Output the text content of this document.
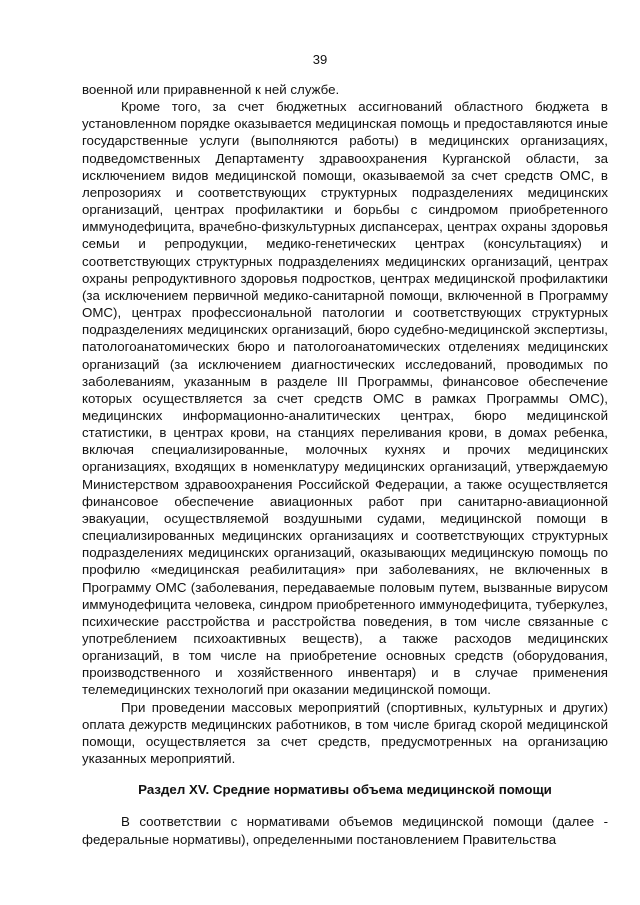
39

военной или приравненной к ней службе.

Кроме того, за счет бюджетных ассигнований областного бюджета в установленном порядке оказывается медицинская помощь и предоставляются иные государственные услуги (выполняются работы) в медицинских организациях, подведомственных Департаменту здравоохранения Курганской области, за исключением видов медицинской помощи, оказываемой за счет средств ОМС, в лепрозориях и соответствующих структурных подразделениях медицинских организаций, центрах профилактики и борьбы с синдромом приобретенного иммунодефицита, врачебно-физкультурных диспансерах, центрах охраны здоровья семьи и репродукции, медико-генетических центрах (консультациях) и соответствующих структурных подразделениях медицинских организаций, центрах охраны репродуктивного здоровья подростков, центрах медицинской профилактики (за исключением первичной медико-санитарной помощи, включенной в Программу ОМС), центрах профессиональной патологии и соответствующих структурных подразделениях медицинских организаций, бюро судебно-медицинской экспертизы, патологоанатомических бюро и патологоанатомических отделениях медицинских организаций (за исключением диагностических исследований, проводимых по заболеваниям, указанным в разделе III Программы, финансовое обеспечение которых осуществляется за счет средств ОМС в рамках Программы ОМС), медицинских информационно-аналитических центрах, бюро медицинской статистики, в центрах крови, на станциях переливания крови, в домах ребенка, включая специализированные, молочных кухнях и прочих медицинских организациях, входящих в номенклатуру медицинских организаций, утверждаемую Министерством здравоохранения Российской Федерации, а также осуществляется финансовое обеспечение авиационных работ при санитарно-авиационной эвакуации, осуществляемой воздушными судами, медицинской помощи в специализированных медицинских организациях и соответствующих структурных подразделениях медицинских организаций, оказывающих медицинскую помощь по профилю «медицинская реабилитация» при заболеваниях, не включенных в Программу ОМС (заболевания, передаваемые половым путем, вызванные вирусом иммунодефицита человека, синдром приобретенного иммунодефицита, туберкулез, психические расстройства и расстройства поведения, в том числе связанные с употреблением психоактивных веществ), а также расходов медицинских организаций, в том числе на приобретение основных средств (оборудования, производственного и хозяйственного инвентаря) и в случае применения телемедицинских технологий при оказании медицинской помощи.

При проведении массовых мероприятий (спортивных, культурных и других) оплата дежурств медицинских работников, в том числе бригад скорой медицинской помощи, осуществляется за счет средств, предусмотренных на организацию указанных мероприятий.

Раздел XV. Средние нормативы объема медицинской помощи

В соответствии с нормативами объемов медицинской помощи (далее - федеральные нормативы), определенными постановлением Правительства
